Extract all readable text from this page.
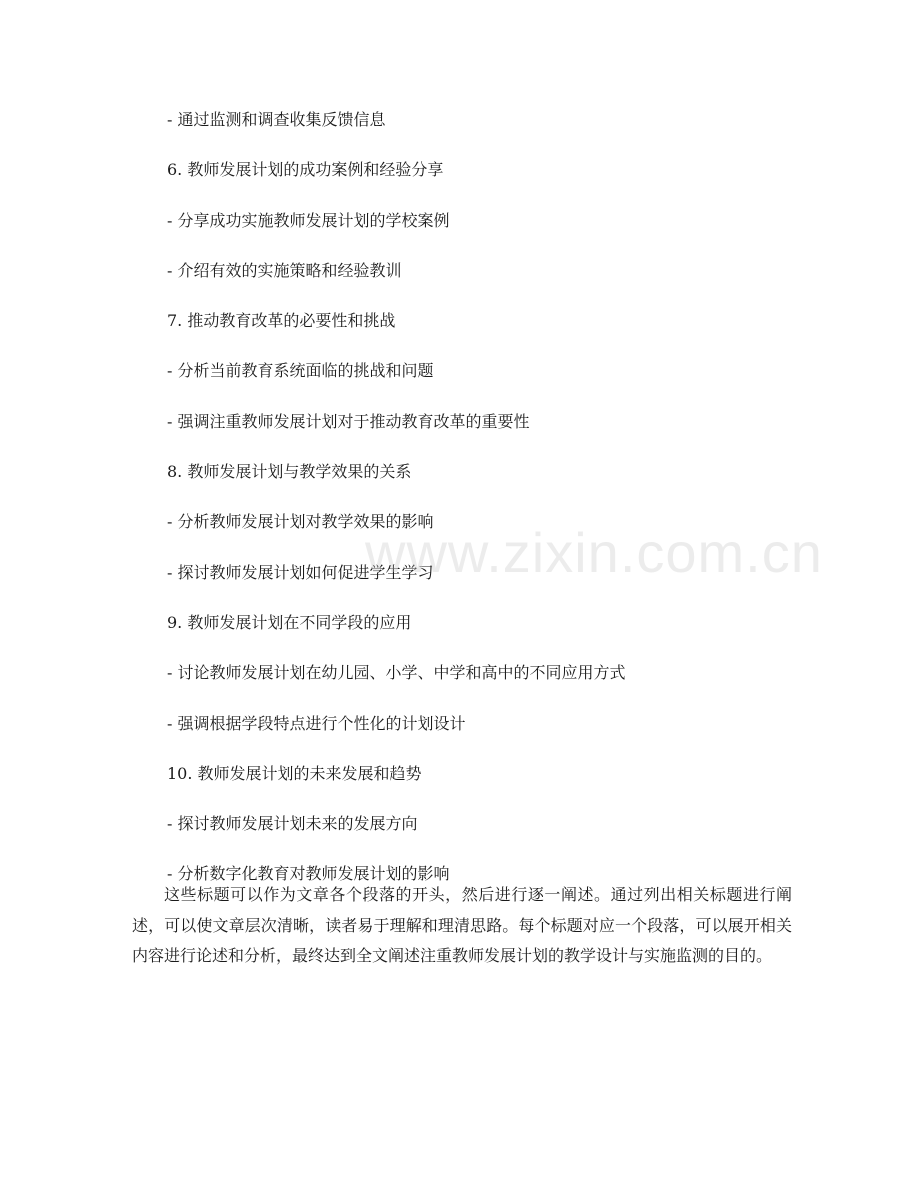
- 通过监测和调查收集反馈信息

6. 教师发展计划的成功案例和经验分享

- 分享成功实施教师发展计划的学校案例

- 介绍有效的实施策略和经验教训

7. 推动教育改革的必要性和挑战

- 分析当前教育系统面临的挑战和问题

- 强调注重教师发展计划对于推动教育改革的重要性

8. 教师发展计划与教学效果的关系

- 分析教师发展计划对教学效果的影响

- 探讨教师发展计划如何促进学生学习

9. 教师发展计划在不同学段的应用

- 讨论教师发展计划在幼儿园、小学、中学和高中的不同应用方式

- 强调根据学段特点进行个性化的计划设计

10. 教师发展计划的未来发展和趋势

- 探讨教师发展计划未来的发展方向

- 分析数字化教育对教师发展计划的影响

这些标题可以作为文章各个段落的开头，然后进行逐一阐述。通过列出相关标题进行阐述，可以使文章层次清晰，读者易于理解和理清思路。每个标题对应一个段落，可以展开相关内容进行论述和分析，最终达到全文阐述注重教师发展计划的教学设计与实施监测的目的。

www.zixin.com.cn
